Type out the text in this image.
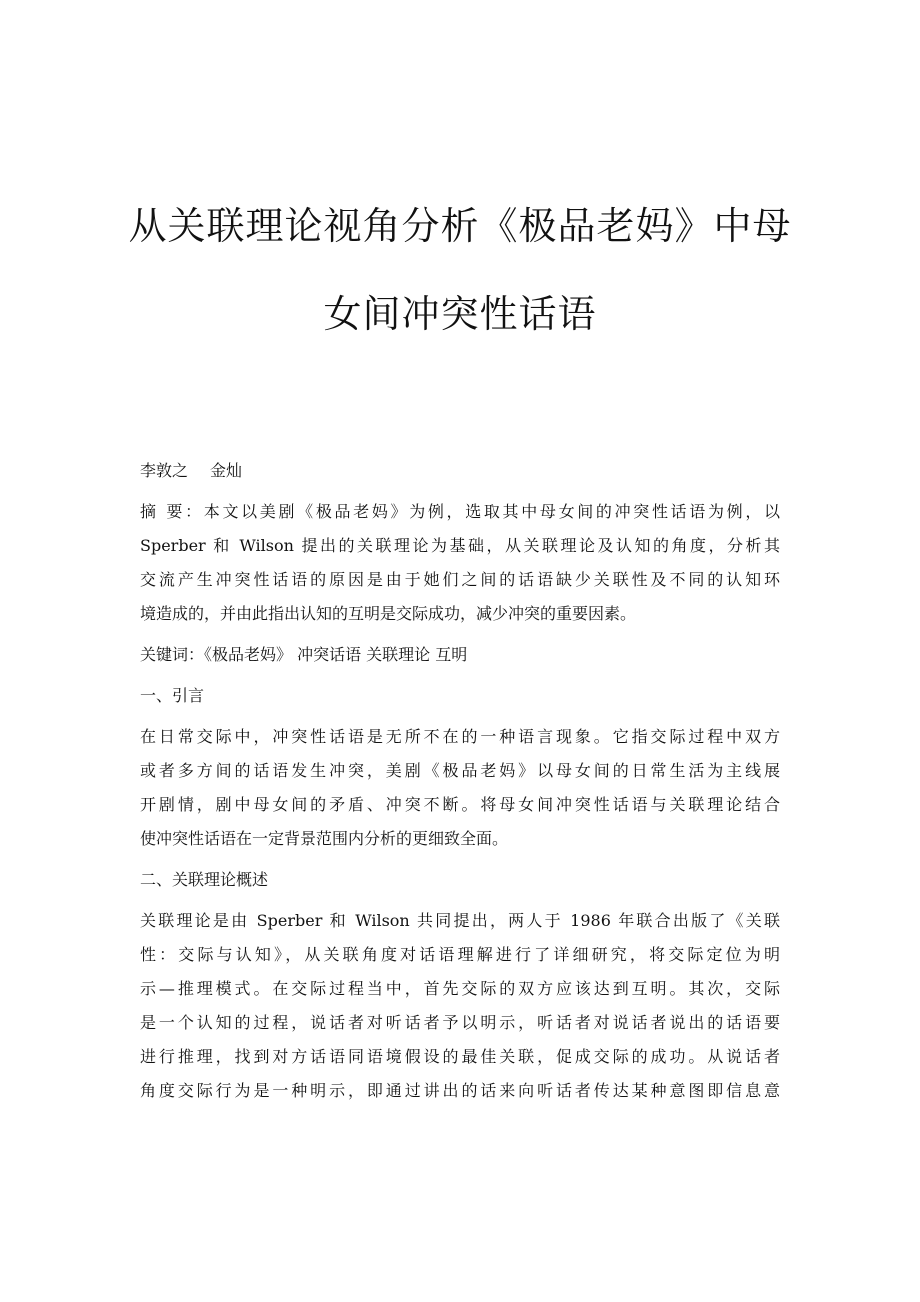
从关联理论视角分析《极品老妈》中母
女间冲突性话语
李敦之 金灿
摘 要：本文以美剧《极品老妈》为例，选取其中母女间的冲突性话语为例，以
Sperber 和 Wilson 提出的关联理论为基础，从关联理论及认知的角度，分析其
交流产生冲突性话语的原因是由于她们之间的话语缺少关联性及不同的认知环
境造成的，并由此指出认知的互明是交际成功，减少冲突的重要因素。
关键词：《极品老妈》 冲突话语 关联理论 互明
一、引言
在日常交际中，冲突性话语是无所不在的一种语言现象。它指交际过程中双方
或者多方间的话语发生冲突，美剧《极品老妈》以母女间的日常生活为主线展
开剧情，剧中母女间的矛盾、冲突不断。将母女间冲突性话语与关联理论结合
使冲突性话语在一定背景范围内分析的更细致全面。
二、关联理论概述
关联理论是由 Sperber 和 Wilson 共同提出，两人于 1986 年联合出版了《关联
性：交际与认知》，从关联角度对话语理解进行了详细研究，将交际定位为明
示—推理模式。在交际过程当中，首先交际的双方应该达到互明。其次，交际
是一个认知的过程，说话者对听话者予以明示，听话者对说话者说出的话语要
进行推理，找到对方话语同语境假设的最佳关联，促成交际的成功。从说话者
角度交际行为是一种明示，即通过讲出的话来向听话者传达某种意图即信息意
